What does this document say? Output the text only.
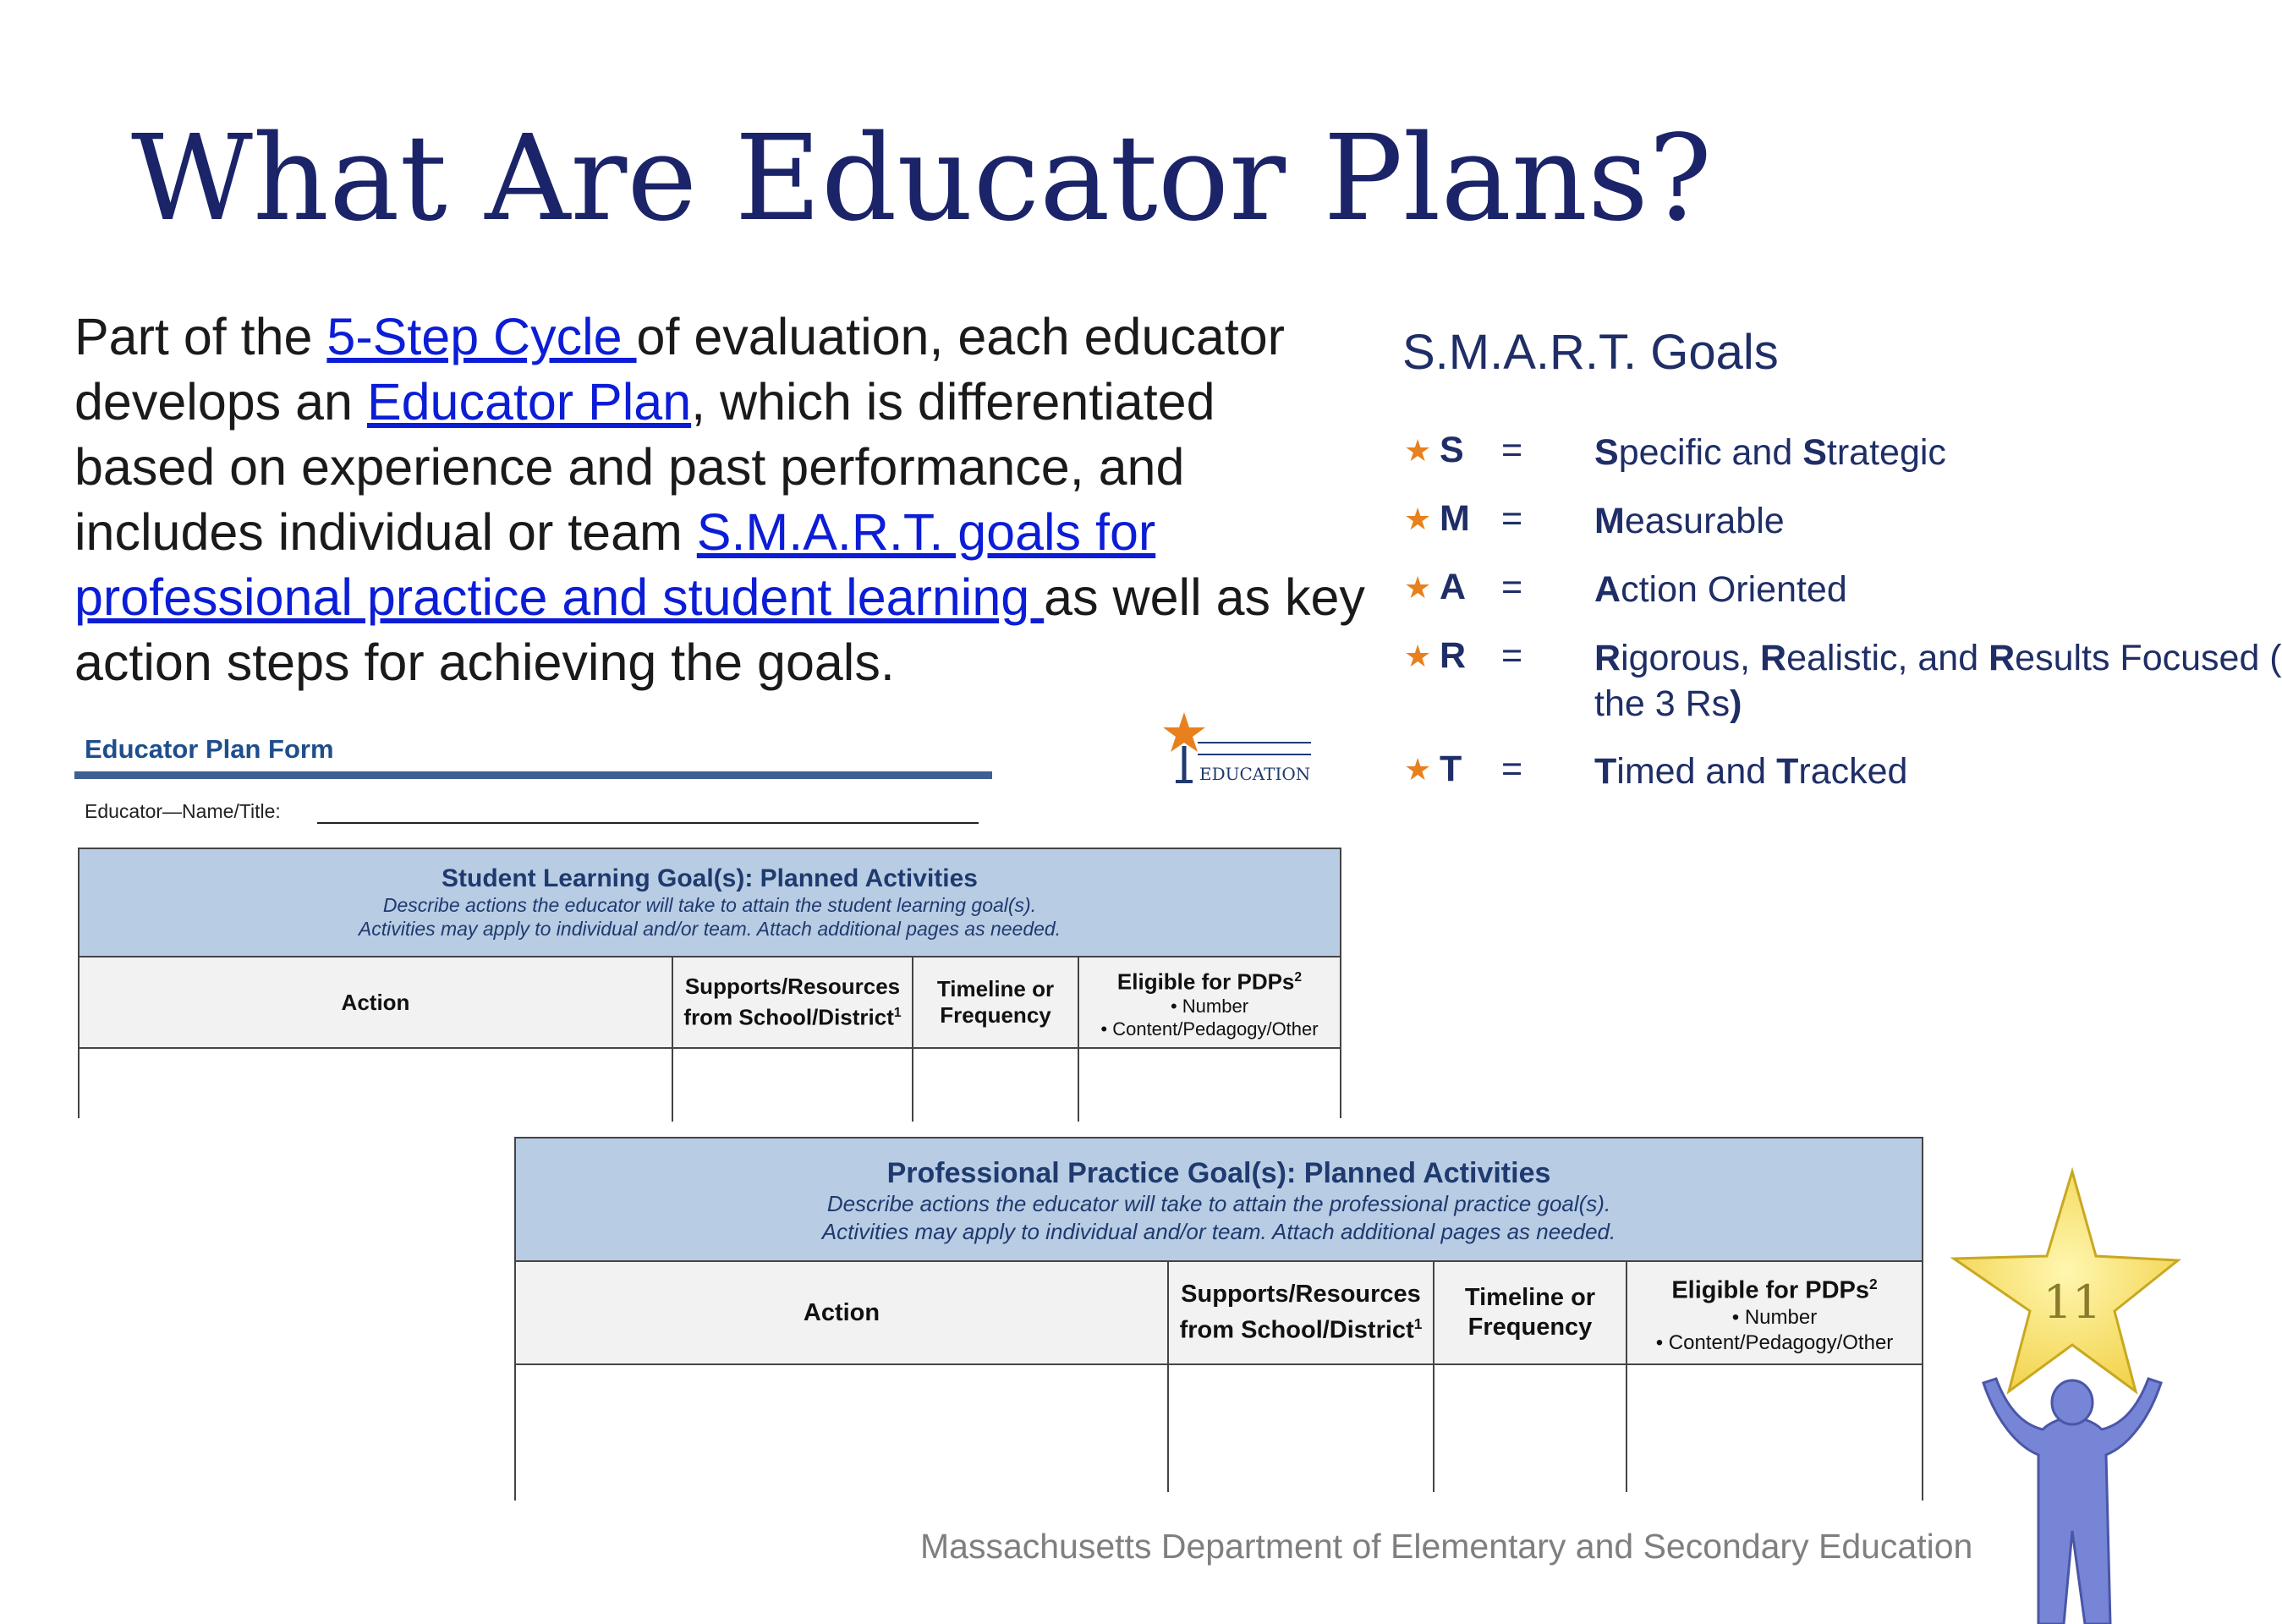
What Are Educator Plans?

Part of the 5-Step Cycle of evaluation, each educator develops an Educator Plan, which is differentiated based on experience and past performance, and includes individual or team S.M.A.R.T. goals for professional practice and student learning as well as key action steps for achieving the goals.

S.M.A.R.T. Goals
★ S = Specific and Strategic
★ M = Measurable
★ A = Action Oriented
★ R = Rigorous, Realistic, and Results Focused (
the 3 Rs)
★ T = Timed and Tracked
Educator Plan Form
Educator—Name/Title:
EDUCATION
Student Learning Goal(s): Planned Activities
Describe actions the educator will take to attain the student learning goal(s).
Activities may apply to individual and/or team. Attach additional pages as needed.
Action
Supports/Resources from School/District$^1$
Timeline or Frequency
Eligible for PDPs$^2$
• Number
• Content/Pedagogy/Other
Professional Practice Goal(s): Planned Activities
Describe actions the educator will take to attain the professional practice goal(s).
Activities may apply to individual and/or team. Attach additional pages as needed.
Action
Supports/Resources from School/District$^1$
Timeline or Frequency
Eligible for PDPs$^2$
• Number
• Content/Pedagogy/Other
Massachusetts Department of Elementary and Secondary Education
11
